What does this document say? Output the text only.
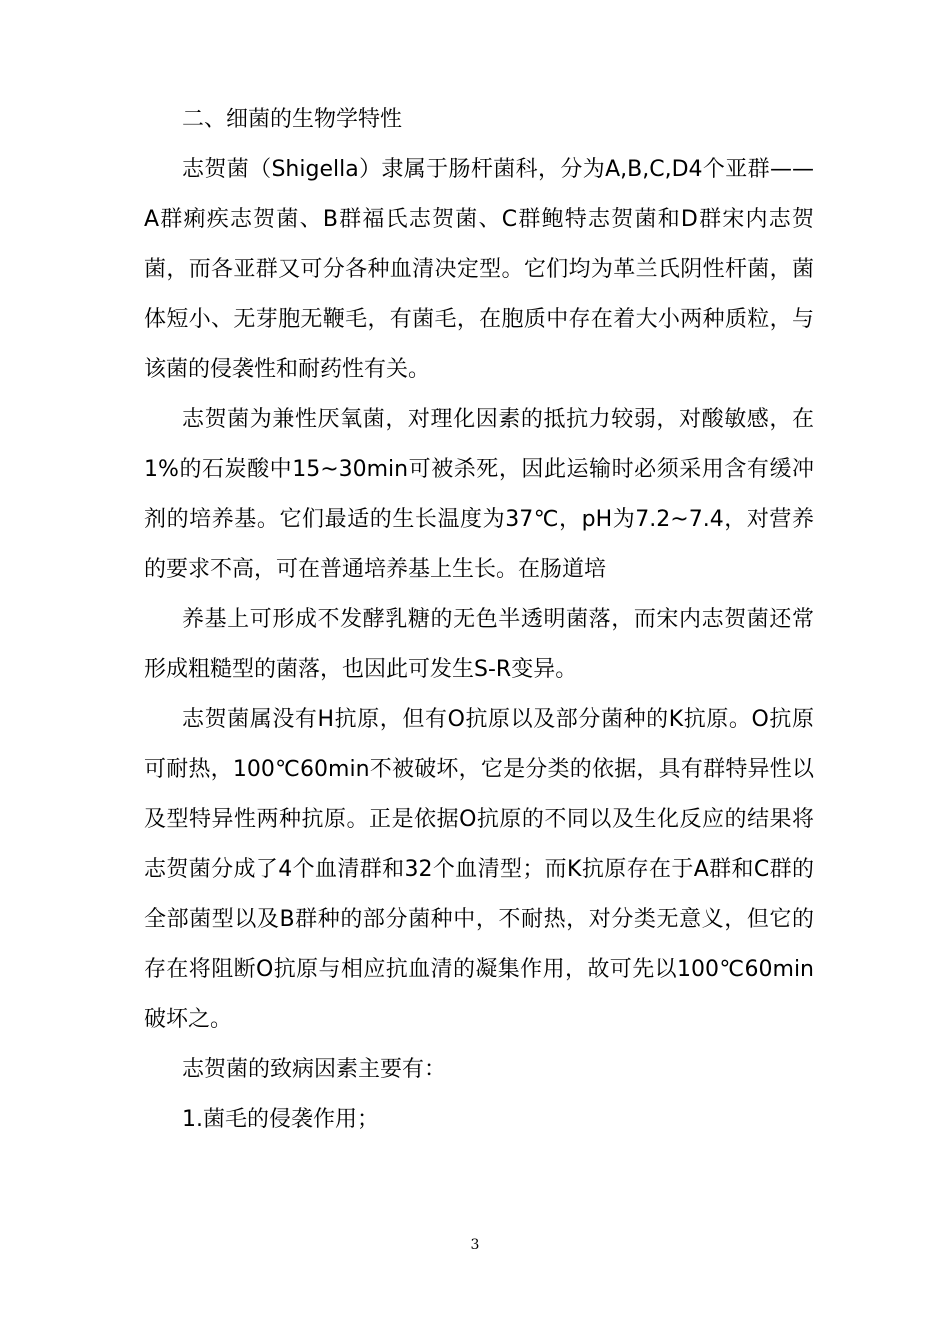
二、细菌的生物学特性

志贺菌（Shigella）隶属于肠杆菌科，分为A,B,C,D4个亚群——A群痢疾志贺菌、B群福氏志贺菌、C群鲍特志贺菌和D群宋内志贺菌，而各亚群又可分各种血清决定型。它们均为革兰氏阴性杆菌，菌体短小、无芽胞无鞭毛，有菌毛，在胞质中存在着大小两种质粒，与该菌的侵袭性和耐药性有关。

志贺菌为兼性厌氧菌，对理化因素的抵抗力较弱，对酸敏感，在1%的石炭酸中15~30min可被杀死，因此运输时必须采用含有缓冲剂的培养基。它们最适的生长温度为37℃，pH为7.2~7.4，对营养的要求不高，可在普通培养基上生长。在肠道培

养基上可形成不发酵乳糖的无色半透明菌落，而宋内志贺菌还常形成粗糙型的菌落，也因此可发生S-R变异。

志贺菌属没有H抗原，但有O抗原以及部分菌种的K抗原。O抗原可耐热，100℃60min不被破坏，它是分类的依据，具有群特异性以及型特异性两种抗原。正是依据O抗原的不同以及生化反应的结果将志贺菌分成了4个血清群和32个血清型；而K抗原存在于A群和C群的全部菌型以及B群种的部分菌种中，不耐热，对分类无意义，但它的存在将阻断O抗原与相应抗血清的凝集作用，故可先以100℃60min破坏之。

志贺菌的致病因素主要有：

1.菌毛的侵袭作用；

3
